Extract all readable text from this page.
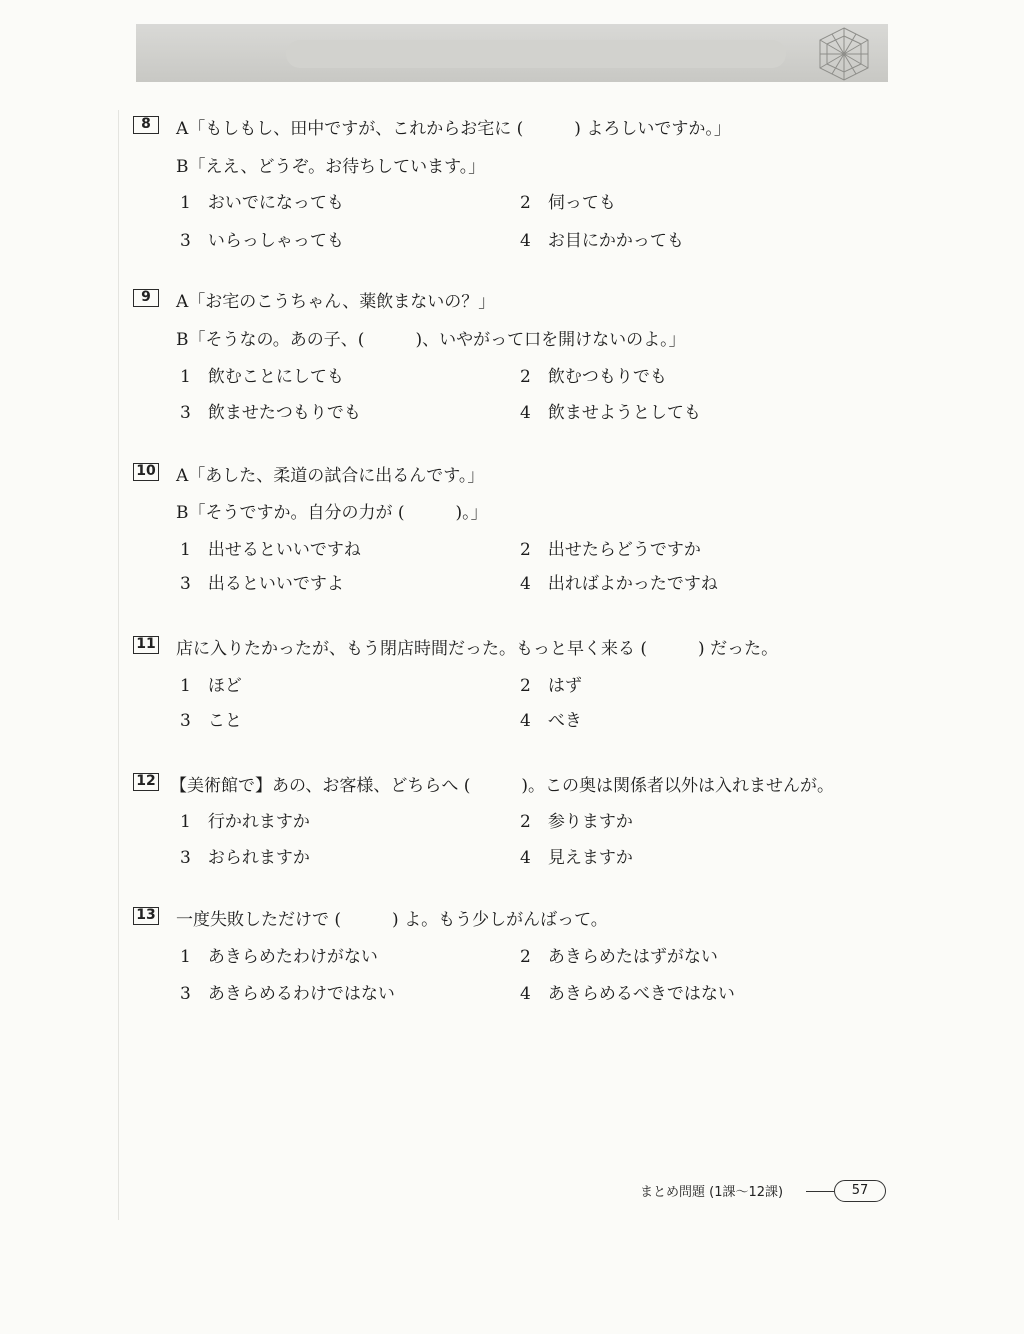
8	A「もしもし、田中ですが、これからお宅に (　　　) よろしいですか。」
B「ええ、どうぞ。お待ちしています。」
1　おいでになっても	2　伺っても
3　いらっしゃっても	4　お目にかかっても
9	A「お宅のこうちゃん、薬飲まないの？」
B「そうなの。あの子、(　　　)、いやがって口を開けないのよ。」
1　飲むことにしても	2　飲むつもりでも
3　飲ませたつもりでも	4　飲ませようとしても
10 A「あした、柔道の試合に出るんです。」
B「そうですか。自分の力が (　　　)。」
1　出せるといいですね	2　出せたらどうですか
3　出るといいですよ	4　出ればよかったですね
11 店に入りたかったが、もう閉店時間だった。もっと早く来る (　　　) だった。
1　ほど	2　はず
3　こと	4　べき
12 【美術館で】あの、お客様、どちらへ (　　　)。この奥は関係者以外は入れませんが。
1　行かれますか	2　参りますか
3　おられますか	4　見えますか
13 一度失敗しただけで (　　　) よ。もう少しがんばって。
1　あきらめたわけがない	2　あきらめたはずがない
3　あきらめるわけではない	4　あきらめるべきではない
まとめ問題 (1課～12課)	57
